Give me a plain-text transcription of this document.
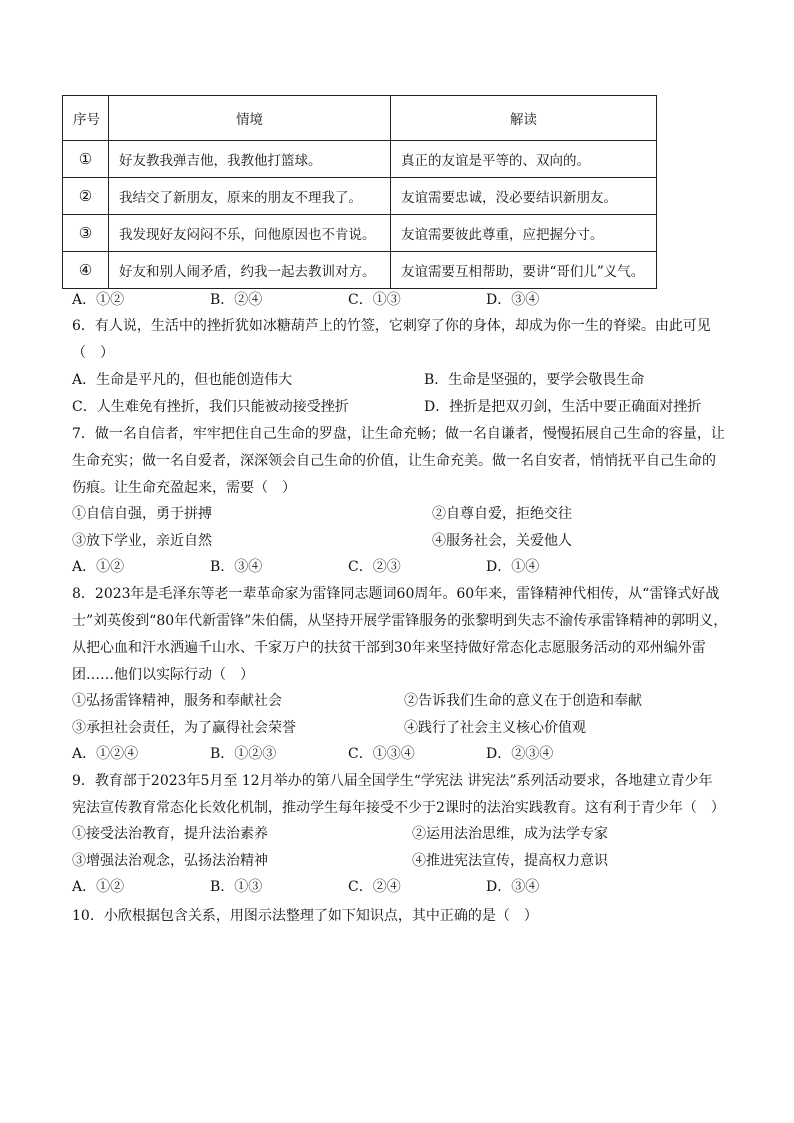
序号	情境	解读
①	好友教我弹吉他，我教他打篮球。	真正的友谊是平等的、双向的。
②	我结交了新朋友，原来的朋友不理我了。	友谊需要忠诚，没必要结识新朋友。
③	我发现好友闷闷不乐，问他原因也不肯说。	友谊需要彼此尊重，应把握分寸。
④	好友和别人闹矛盾，约我一起去教训对方。	友谊需要互相帮助，要讲“哥们儿”义气。
A．①②	B．②④	C．①③	D．③④
6．有人说，生活中的挫折犹如冰糖葫芦上的竹签，它刺穿了你的身体，却成为你一生的脊梁。由此可见
（　）
A．生命是平凡的，但也能创造伟大	B．生命是坚强的，要学会敬畏生命
C．人生难免有挫折，我们只能被动接受挫折	D．挫折是把双刃剑，生活中要正确面对挫折
7．做一名自信者，牢牢把住自己生命的罗盘，让生命充畅；做一名自谦者，慢慢拓展自己生命的容量，让
生命充实；做一名自爱者，深深领会自己生命的价值，让生命充美。做一名自安者，悄悄抚平自己生命的
伤痕。让生命充盈起来，需要（　）
①自信自强，勇于拼搏	②自尊自爱，拒绝交往
③放下学业，亲近自然	④服务社会，关爱他人
A．①②	B．③④	C．②③	D．①④
8．2023年是毛泽东等老一辈革命家为雷锋同志题词60周年。60年来，雷锋精神代相传，从“雷锋式好战
士”刘英俊到“80年代新雷锋”朱伯儒，从坚持开展学雷锋服务的张黎明到失志不渝传承雷锋精神的郭明义，
从把心血和汗水洒遍千山水、千家万户的扶贫干部到30年来坚持做好常态化志愿服务活动的邓州编外雷
团……他们以实际行动（　）
①弘扬雷锋精神，服务和奉献社会	②告诉我们生命的意义在于创造和奉献
③承担社会责任，为了赢得社会荣誉	④践行了社会主义核心价值观
A．①②④	B．①②③	C．①③④	D．②③④
9．教育部于2023年5月至 12月举办的第八届全国学生“学宪法 讲宪法”系列活动要求，各地建立青少年
宪法宣传教育常态化长效化机制，推动学生每年接受不少于2课时的法治实践教育。这有利于青少年（　）
①接受法治教育，提升法治素养	②运用法治思维，成为法学专家
③增强法治观念，弘扬法治精神	④推进宪法宣传，提高权力意识
A．①②	B．①③	C．②④	D．③④
10．小欣根据包含关系，用图示法整理了如下知识点，其中正确的是（　）
